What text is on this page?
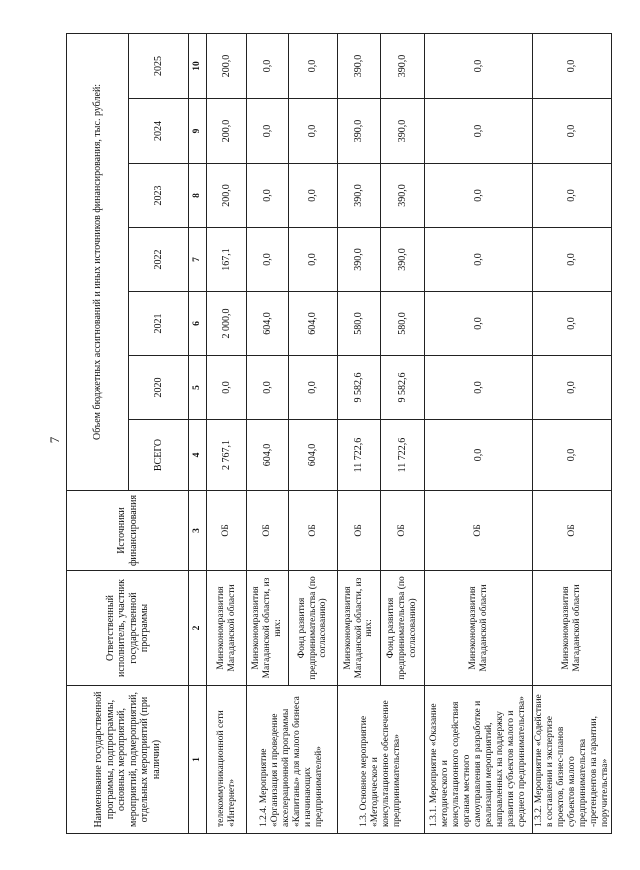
7
Наименование государственной программы, подпрограммы, основных мероприятий, мероприятий, подмероприятий, отдельных мероприятий (при наличии)	Ответственный исполнитель, участник государственной программы	Источники финансирования	Объем бюджетных ассигнований и иных источников финансирования, тыс. рублей:						
			ВСЕГО	2020	2021	2022	2023	2024	2025
1	2	3	4	5	6	7	8	9	10
телекоммуникационной сети «Интернет»	Минэкономразвития Магаданской области	ОБ	2 767,1	0,0	2 000,0	167,1	200,0	200,0	200,0
1.2.4. Мероприятие «Организация и проведение акселерационной программы «Капитаны» для малого бизнеса и начинающих предпринимателей»	Минэкономразвития Магаданской области, из них:	ОБ	604,0	0,0	604,0	0,0	0,0	0,0	0,0
	Фонд развития предпринимательства (по согласованию)	ОБ	604,0	0,0	604,0	0,0	0,0	0,0	0,0
1.3. Основное мероприятие «Методическое и консультационное обеспечение предпринимательства»	Минэкономразвития Магаданской области, из них:	ОБ	11 722,6	9 582,6	580,0	390,0	390,0	390,0	390,0
	Фонд развития предпринимательства (по согласованию)	ОБ	11 722,6	9 582,6	580,0	390,0	390,0	390,0	390,0
1.3.1. Мероприятие «Оказание методического и консультационного содействия органам местного самоуправления в разработке и реализации мероприятий, направленных на поддержку развития субъектов малого и среднего предпринимательства»	Минэкономразвития Магаданской области	ОБ	0,0	0,0	0,0	0,0	0,0	0,0	0,0
1.3.2. Мероприятие «Содействие в составлении и экспертизе проектов, бизнес-планов субъектов малого предпринимательства -претендентов на гарантии, поручительства»	Минэкономразвития Магаданской области	ОБ	0,0	0,0	0,0	0,0	0,0	0,0	0,0
